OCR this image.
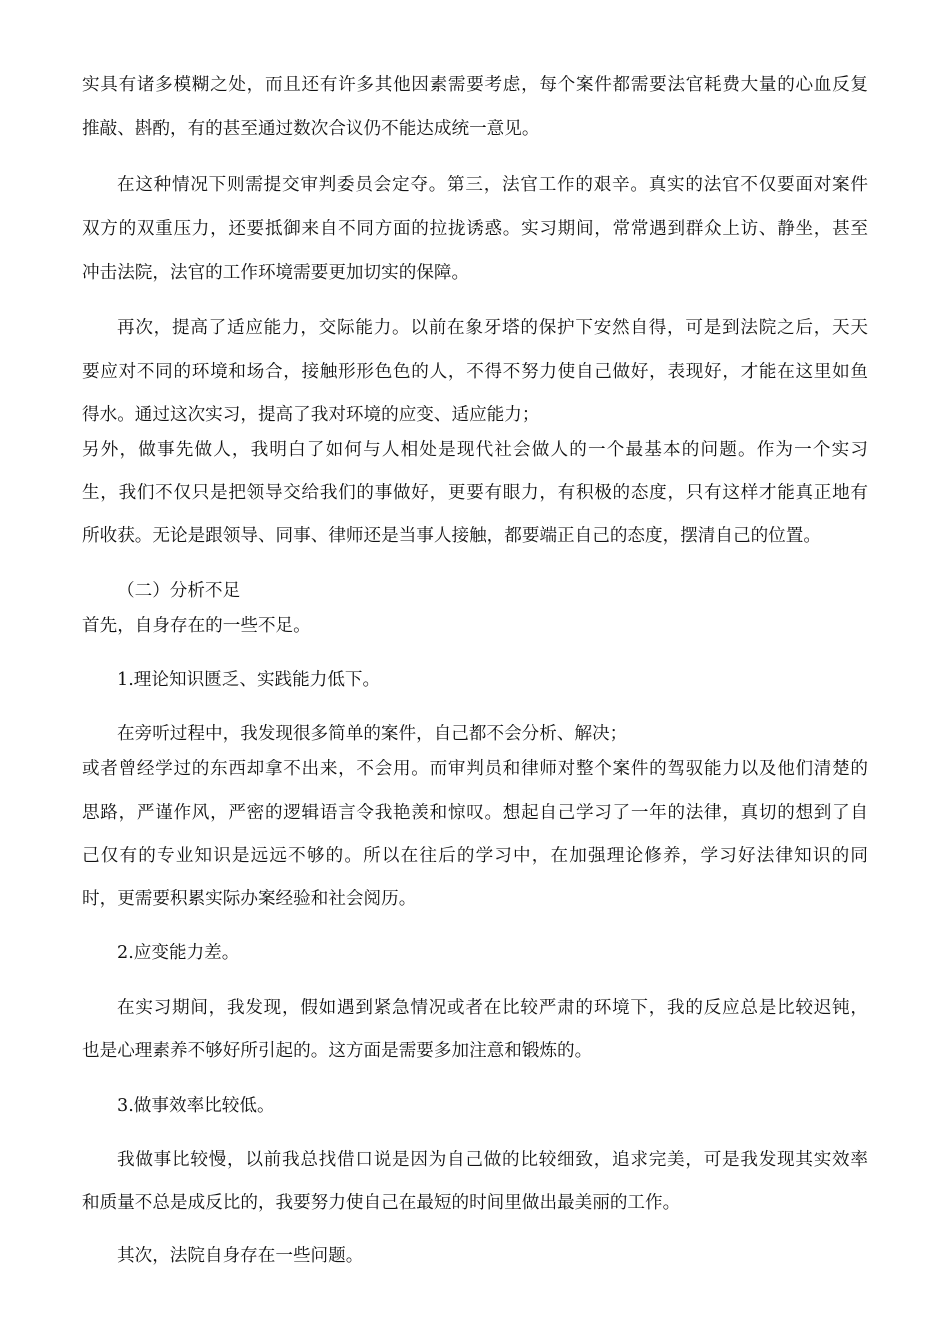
实具有诸多模糊之处，而且还有许多其他因素需要考虑，每个案件都需要法官耗费大量的心血反复

推敲、斟酌，有的甚至通过数次合议仍不能达成统一意见。

在这种情况下则需提交审判委员会定夺。第三，法官工作的艰辛。真实的法官不仅要面对案件

双方的双重压力，还要抵御来自不同方面的拉拢诱惑。实习期间，常常遇到群众上访、静坐，甚至

冲击法院，法官的工作环境需要更加切实的保障。

再次，提高了适应能力，交际能力。以前在象牙塔的保护下安然自得，可是到法院之后，天天

要应对不同的环境和场合，接触形形色色的人，不得不努力使自己做好，表现好，才能在这里如鱼

得水。通过这次实习，提高了我对环境的应变、适应能力；

另外，做事先做人，我明白了如何与人相处是现代社会做人的一个最基本的问题。作为一个实习

生，我们不仅只是把领导交给我们的事做好，更要有眼力，有积极的态度，只有这样才能真正地有

所收获。无论是跟领导、同事、律师还是当事人接触，都要端正自己的态度，摆清自己的位置。

（二）分析不足

首先，自身存在的一些不足。

1.理论知识匮乏、实践能力低下。

在旁听过程中，我发现很多简单的案件，自己都不会分析、解决；

或者曾经学过的东西却拿不出来，不会用。而审判员和律师对整个案件的驾驭能力以及他们清楚的

思路，严谨作风，严密的逻辑语言令我艳羡和惊叹。想起自己学习了一年的法律，真切的想到了自

己仅有的专业知识是远远不够的。所以在往后的学习中，在加强理论修养，学习好法律知识的同

时，更需要积累实际办案经验和社会阅历。

2.应变能力差。

在实习期间，我发现，假如遇到紧急情况或者在比较严肃的环境下，我的反应总是比较迟钝，

也是心理素养不够好所引起的。这方面是需要多加注意和锻炼的。

3.做事效率比较低。

我做事比较慢，以前我总找借口说是因为自己做的比较细致，追求完美，可是我发现其实效率

和质量不总是成反比的，我要努力使自己在最短的时间里做出最美丽的工作。

其次，法院自身存在一些问题。
